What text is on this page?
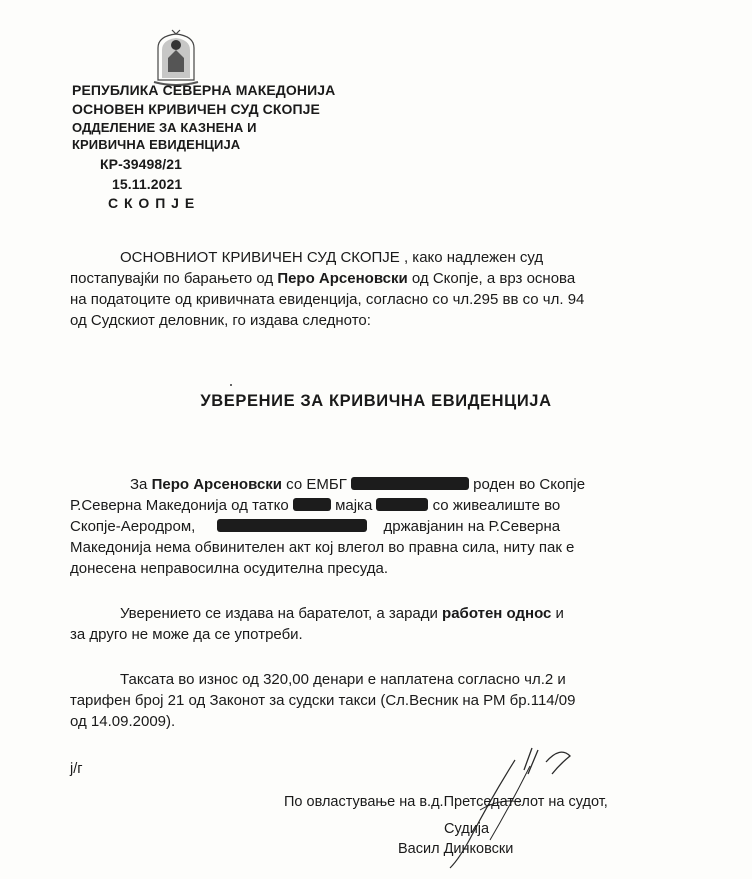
РЕПУБЛИКА СЕВЕРНА МАКЕДОНИЈА
ОСНОВЕН КРИВИЧЕН СУД СКОПЈЕ
ОДДЕЛЕНИЕ ЗА КАЗНЕНА И
КРИВИЧНА ЕВИДЕНЦИЈА
КР-39498/21
15.11.2021
С К О П Ј Е
ОСНОВНИОТ КРИВИЧЕН СУД СКОПЈЕ , како надлежен суд
постапувајќи по барањето од Перо Арсеновски од Скопје, а врз основа
на податоците од кривичната евиденција, согласно со чл.295 вв со чл. 94
од Судскиот деловник, го издава следното:
УВЕРЕНИЕ ЗА КРИВИЧНА ЕВИДЕНЦИЈА
За Перо Арсеновски со ЕМБГ	роден во Скопје
Р.Северна Македонија од татко	мајка	со живеалиште во
Скопје-Аеродром,	државјанин на Р.Северна
Македонија нема обвинителен акт кој влегол во правна сила, ниту пак е
донесена неправосилна осудителна пресуда.
Уверението се издава на барателот, а заради работен однос и
за друго не може да се употреби.
Таксата во износ од 320,00 денари е наплатена согласно чл.2 и
тарифен број 21 од Законот за судски такси (Сл.Весник на РМ бр.114/09
од 14.09.2009).
ј/г
По овластување на в.д.Претседателот на судот,
Судија
Васил Динковски
